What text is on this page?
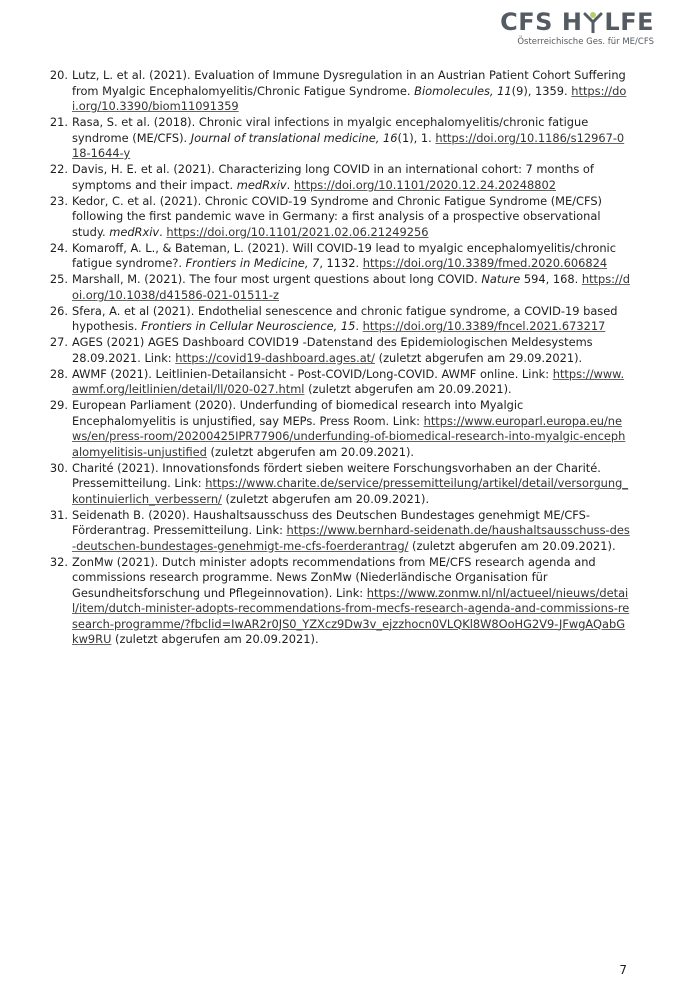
CFS H LFE
Österreichische Ges. für ME/CFS
20. Lutz, L. et al. (2021). Evaluation of Immune Dysregulation in an Austrian Patient Cohort Suffering from Myalgic Encephalomyelitis/Chronic Fatigue Syndrome. Biomolecules, 11(9), 1359. https://doi.org/10.3390/biom11091359
21. Rasa, S. et al. (2018). Chronic viral infections in myalgic encephalomyelitis/chronic fatigue syndrome (ME/CFS). Journal of translational medicine, 16(1), 1. https://doi.org/10.1186/s12967-018-1644-y
22. Davis, H. E. et al. (2021). Characterizing long COVID in an international cohort: 7 months of symptoms and their impact. medRxiv. https://doi.org/10.1101/2020.12.24.20248802
23. Kedor, C. et al. (2021). Chronic COVID-19 Syndrome and Chronic Fatigue Syndrome (ME/CFS) following the first pandemic wave in Germany: a first analysis of a prospective observational study. medRxiv. https://doi.org/10.1101/2021.02.06.21249256
24. Komaroff, A. L., & Bateman, L. (2021). Will COVID-19 lead to myalgic encephalomyelitis/chronic fatigue syndrome?. Frontiers in Medicine, 7, 1132. https://doi.org/10.3389/fmed.2020.606824
25. Marshall, M. (2021). The four most urgent questions about long COVID. Nature 594, 168. https://doi.org/10.1038/d41586-021-01511-z
26. Sfera, A. et al (2021). Endothelial senescence and chronic fatigue syndrome, a COVID-19 based hypothesis. Frontiers in Cellular Neuroscience, 15. https://doi.org/10.3389/fncel.2021.673217
27. AGES (2021) AGES Dashboard COVID19 -Datenstand des Epidemiologischen Meldesystems 28.09.2021. Link: https://covid19-dashboard.ages.at/ (zuletzt abgerufen am 29.09.2021).
28. AWMF (2021). Leitlinien-Detailansicht - Post-COVID/Long-COVID. AWMF online. Link: https://www.awmf.org/leitlinien/detail/ll/020-027.html (zuletzt abgerufen am 20.09.2021).
29. European Parliament (2020). Underfunding of biomedical research into Myalgic Encephalomyelitis is unjustified, say MEPs. Press Room. Link: https://www.europarl.europa.eu/news/en/press-room/20200425IPR77906/underfunding-of-biomedical-research-into-myalgic-encephalomyelitisis-unjustified (zuletzt abgerufen am 20.09.2021).
30. Charité (2021). Innovationsfonds fördert sieben weitere Forschungsvorhaben an der Charité. Pressemitteilung. Link: https://www.charite.de/service/pressemitteilung/artikel/detail/versorgung_kontinuierlich_verbessern/ (zuletzt abgerufen am 20.09.2021).
31. Seidenath B. (2020). Haushaltsausschuss des Deutschen Bundestages genehmigt ME/CFS-Förderantrag. Pressemitteilung. Link: https://www.bernhard-seidenath.de/haushaltsausschuss-des-deutschen-bundestages-genehmigt-me-cfs-foerderantrag/ (zuletzt abgerufen am 20.09.2021).
32. ZonMw (2021). Dutch minister adopts recommendations from ME/CFS research agenda and commissions research programme. News ZonMw (Niederländische Organisation für Gesundheitsforschung und Pflegeinnovation). Link: https://www.zonmw.nl/nl/actueel/nieuws/detail/item/dutch-minister-adopts-recommendations-from-mecfs-research-agenda-and-commissions-research-programme/?fbclid=IwAR2r0JS0_YZXcz9Dw3v_ejzzhocn0VLQKl8W8OoHG2V9-JFwgAQabGkw9RU (zuletzt abgerufen am 20.09.2021).
7
